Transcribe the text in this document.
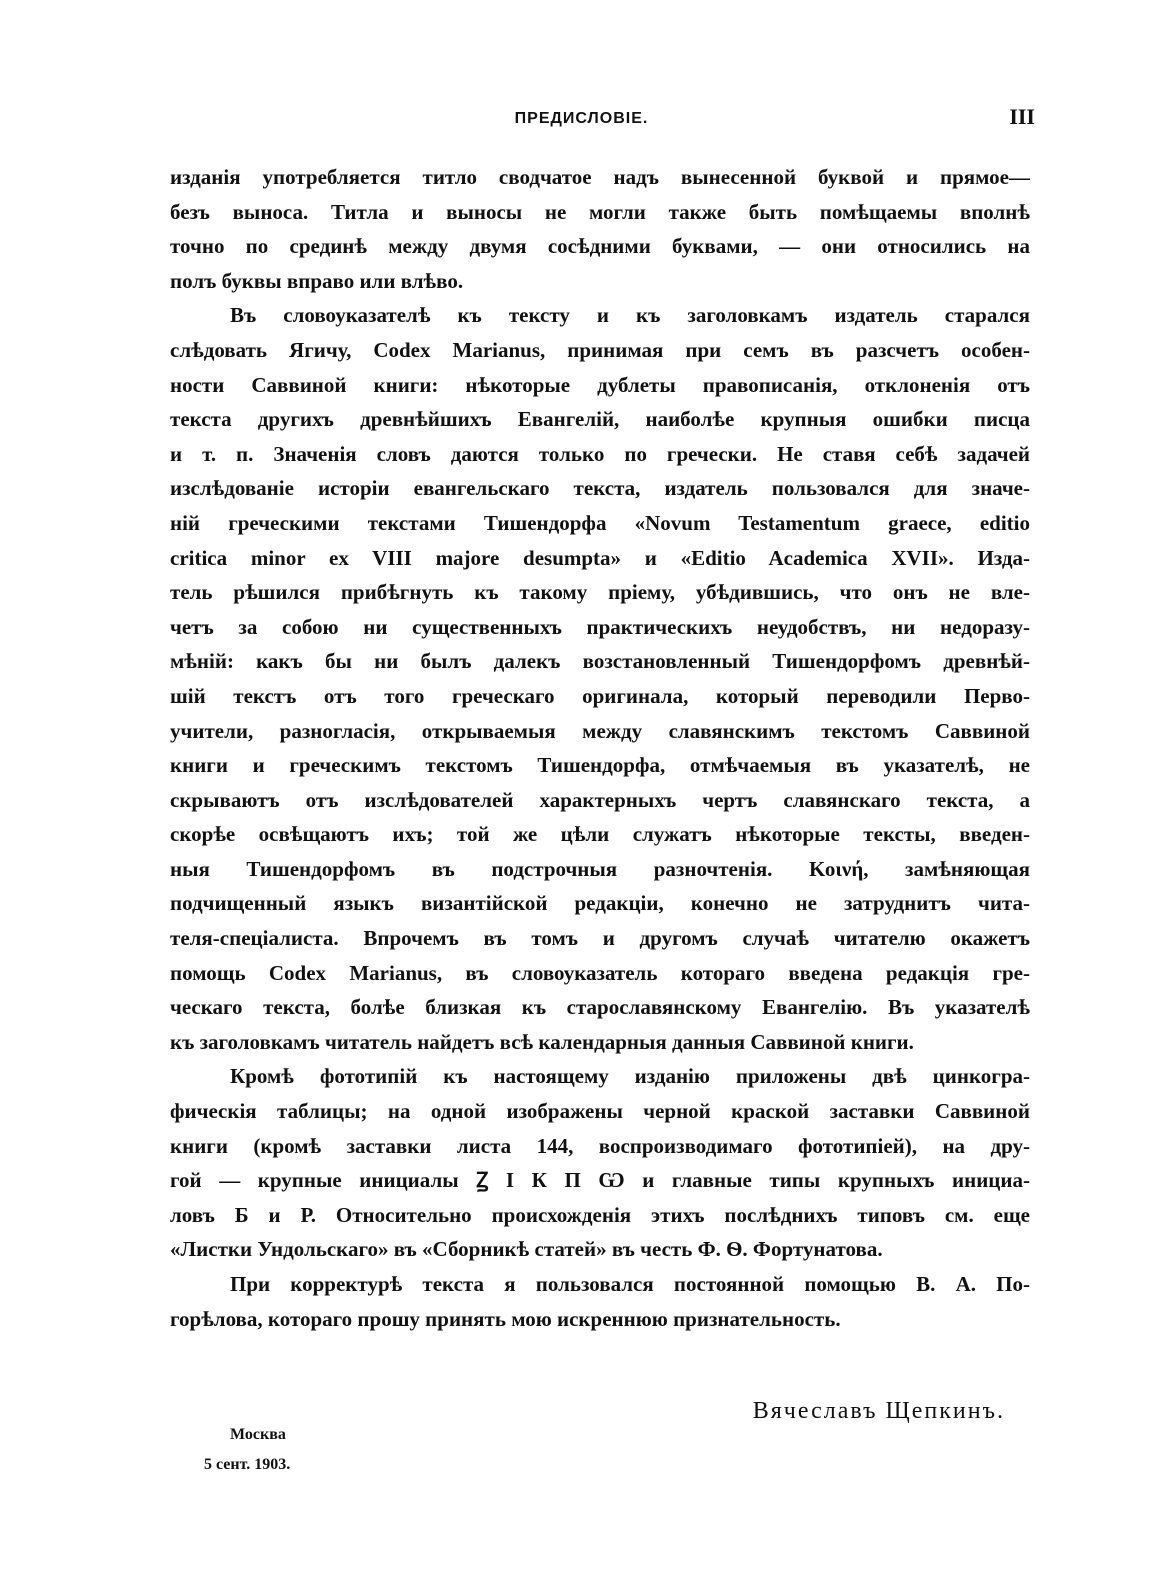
ПРЕДИСЛОВІЕ.	III
изданія употребляется титло сводчатое надъ вынесенной буквой и прямое—
безъ выноса. Титла и выносы не могли также быть помѣщаемы вполнѣ
точно по срединѣ между двумя сосѣдними буквами, — они относились на
полъ буквы вправо или влѣво.
Въ словоуказателѣ къ тексту и къ заголовкамъ издатель старался
слѣдовать Ягичу, Codex Marianus, принимая при семъ въ разсчетъ особен-
ности Саввиной книги: нѣкоторые дублеты правописанія, отклоненія отъ
текста другихъ древнѣйшихъ Евангелій, наиболѣе крупныя ошибки писца
и т. п. Значенія словъ даются только по гречески. Не ставя себѣ задачей
изслѣдованіе исторіи евангельскаго текста, издатель пользовался для значе-
ній греческими текстами Тишендорфа «Novum Testamentum graece, editio
critica minor ex VIII majore desumpta» и «Editio Academica XVII». Изда-
тель рѣшился прибѣгнуть къ такому пріему, убѣдившись, что онъ не вле-
четъ за собою ни существенныхъ практическихъ неудобствъ, ни недоразу-
мѣній: какъ бы ни былъ далекъ возстановленный Тишендорфомъ древнѣй-
шій текстъ отъ того греческаго оригинала, который переводили Перво-
учители, разногласія, открываемыя между славянскимъ текстомъ Саввиной
книги и греческимъ текстомъ Тишендорфа, отмѣчаемыя въ указателѣ, не
скрываютъ отъ изслѣдователей характерныхъ чертъ славянскаго текста, а
скорѣе освѣщаютъ ихъ; той же цѣли служатъ нѣкоторые тексты, введен-
ныя Тишендорфомъ въ подстрочныя разночтенія. Κοινή, замѣняющая
подчищенный языкъ византійской редакціи, конечно не затруднитъ чита-
теля-спеціалиста. Впрочемъ въ томъ и другомъ случаѣ читателю окажетъ
помощь Codex Marianus, въ словоуказатель котораго введена редакція гре-
ческаго текста, болѣе близкая къ старославянскому Евангелію. Въ указателѣ
къ заголовкамъ читатель найдетъ всѣ календарныя данныя Саввиной книги.
Кромѣ фототипій къ настоящему изданію приложены двѣ цинкогра-
фическія таблицы; на одной изображены черной краской заставки Саввиной
книги (кромѣ заставки листа 144, воспроизводимаго фототипіей), на дру-
гой — крупные инициалы Ꙁ І К П Ѡ и главные типы крупныхъ инициа-
ловъ Б и Р. Относительно происхожденія этихъ послѣднихъ типовъ см. еще
«Листки Ундольскаго» въ «Сборникѣ статей» въ честь Ф. Ѳ. Фортунатова.
При корректурѣ текста я пользовался постоянной помощью В. А. По-
горѣлова, котораго прошу принять мою искреннюю признательность.
Вячеславъ Щепкинъ.
Москва
5 сент. 1903.
